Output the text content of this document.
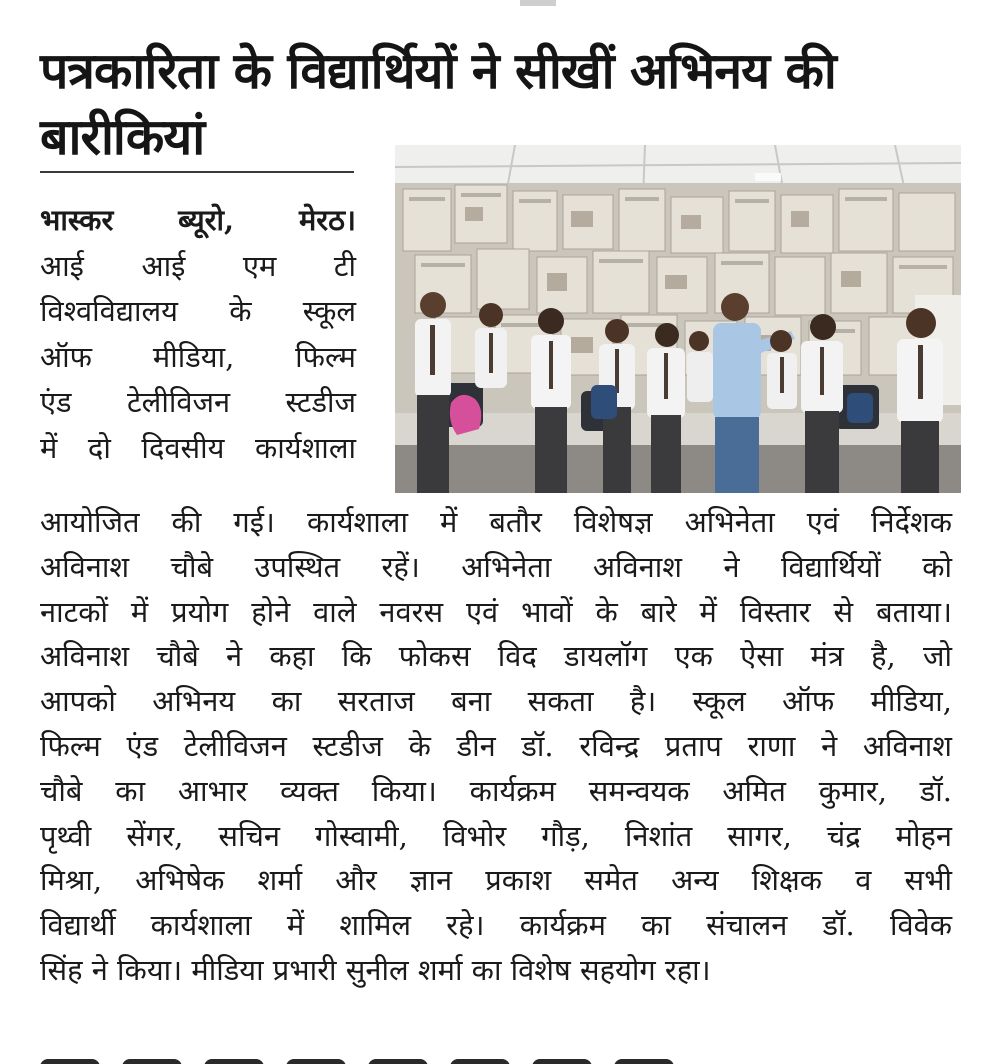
पत्रकारिता के विद्यार्थियों ने सीखीं अभिनय की बारीकियां
भास्कर ब्यूरो, मेरठ।
आई आई एम टी
विश्वविद्यालय के स्कूल
ऑफ मीडिया, फिल्म
एंड टेलीविजन स्टडीज
में दो दिवसीय कार्यशाला
आयोजित की गई। कार्यशाला में बतौर विशेषज्ञ अभिनेता एवं निर्देशक
अविनाश चौबे उपस्थित रहें। अभिनेता अविनाश ने विद्यार्थियों को
नाटकों में प्रयोग होने वाले नवरस एवं भावों के बारे में विस्तार से बताया।
अविनाश चौबे ने कहा कि फोकस विद डायलॉग एक ऐसा मंत्र है, जो
आपको अभिनय का सरताज बना सकता है। स्कूल ऑफ मीडिया,
फिल्म एंड टेलीविजन स्टडीज के डीन डॉ. रविन्द्र प्रताप राणा ने अविनाश
चौबे का आभार व्यक्त किया। कार्यक्रम समन्वयक अमित कुमार, डॉ.
पृथ्वी सेंगर, सचिन गोस्वामी, विभोर गौड़, निशांत सागर, चंद्र मोहन
मिश्रा, अभिषेक शर्मा और ज्ञान प्रकाश समेत अन्य शिक्षक व सभी
विद्यार्थी कार्यशाला में शामिल रहे। कार्यक्रम का संचालन डॉ. विवेक
सिंह ने किया। मीडिया प्रभारी सुनील शर्मा का विशेष सहयोग रहा।
